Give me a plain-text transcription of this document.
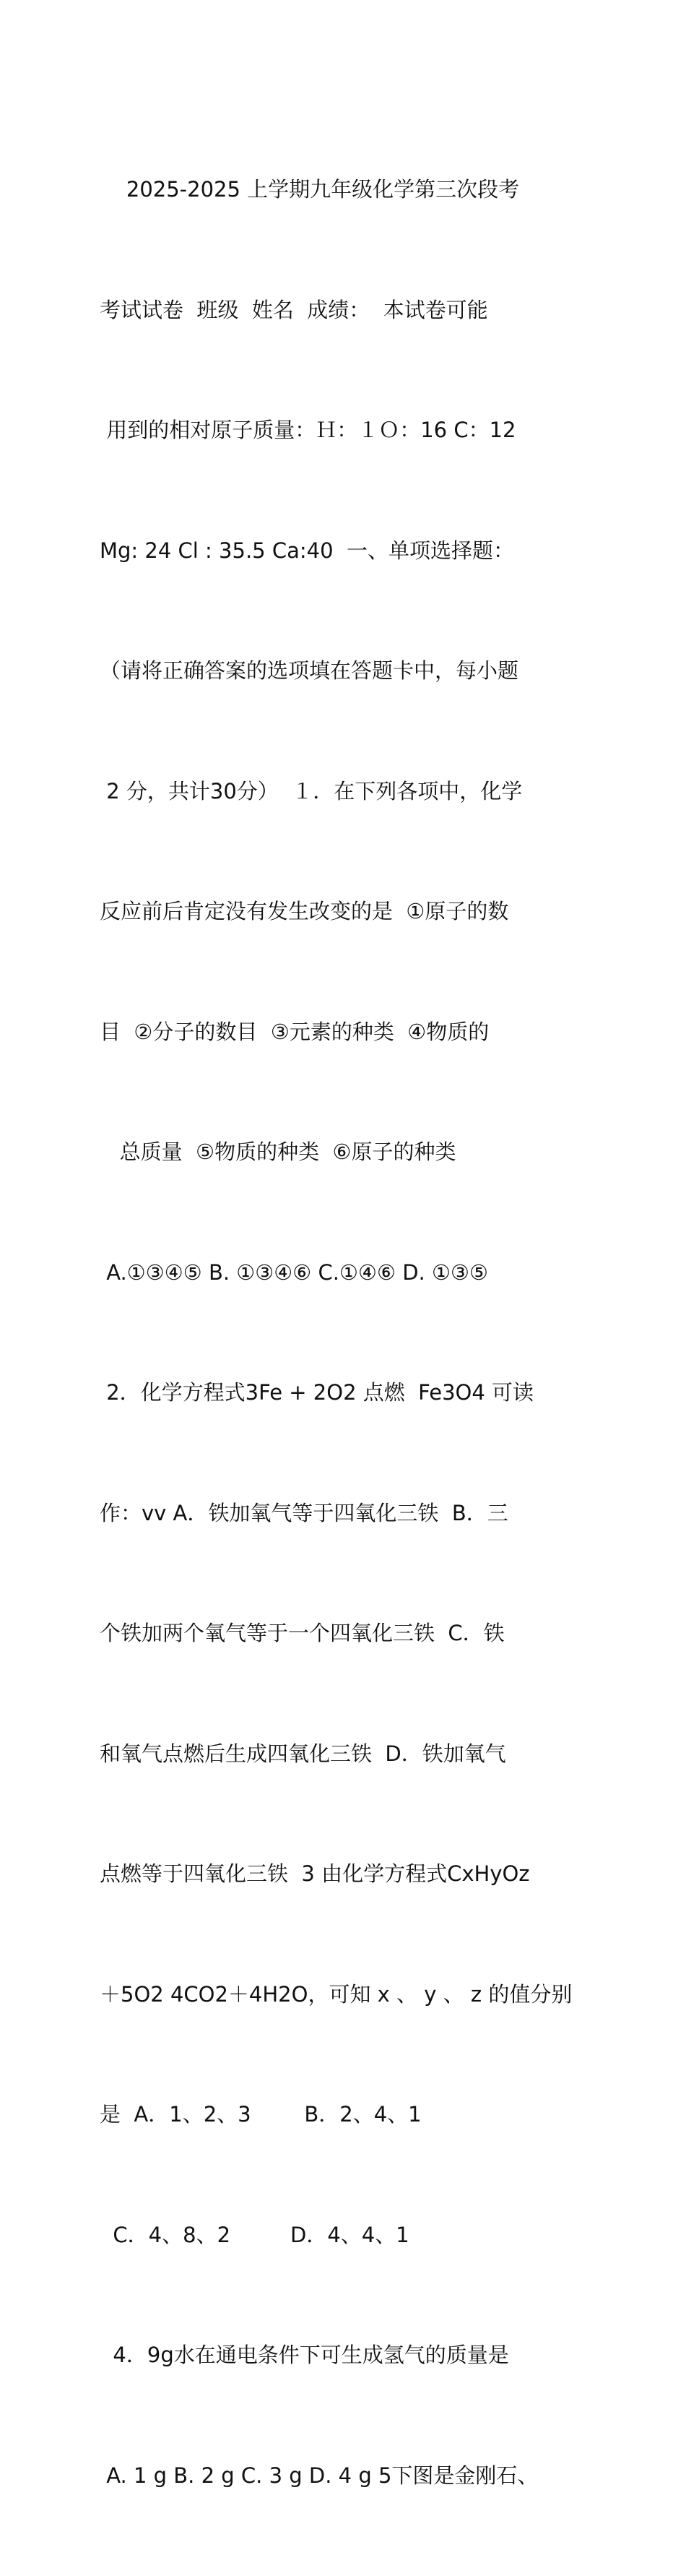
2025-2025 上学期九年级化学第三次段考

考试试卷  班级  姓名  成绩：  本试卷可能

用到的相对原子质量：Ｈ：１Ｏ：16 C：12

Mg: 24 Cl : 35.5 Ca:40  一、单项选择题：

（请将正确答案的选项填在答题卡中，每小题

2 分，共计30分）  １．在下列各项中，化学

反应前后肯定没有发生改变的是  ①原子的数

目  ②分子的数目  ③元素的种类  ④物质的

总质量  ⑤物质的种类  ⑥原子的种类

A.①③④⑤ B. ①③④⑥ C.①④⑥ D. ①③⑤

2．化学方程式3Fe + 2O2 点燃  Fe3O4 可读

作：vv A．铁加氧气等于四氧化三铁  B．三

个铁加两个氧气等于一个四氧化三铁  C．铁

和氧气点燃后生成四氧化三铁  D．铁加氧气

点燃等于四氧化三铁  3 由化学方程式CxHyOz

＋5O2 4CO2＋4H2O，可知 x 、 y 、 z 的值分别

是  A．1、2、3        B．2、4、1

C．4、8、2         D．4、4、1

4．9g水在通电条件下可生成氢气的质量是

A. 1 g B. 2 g C. 3 g D. 4 g 5下图是金刚石、
